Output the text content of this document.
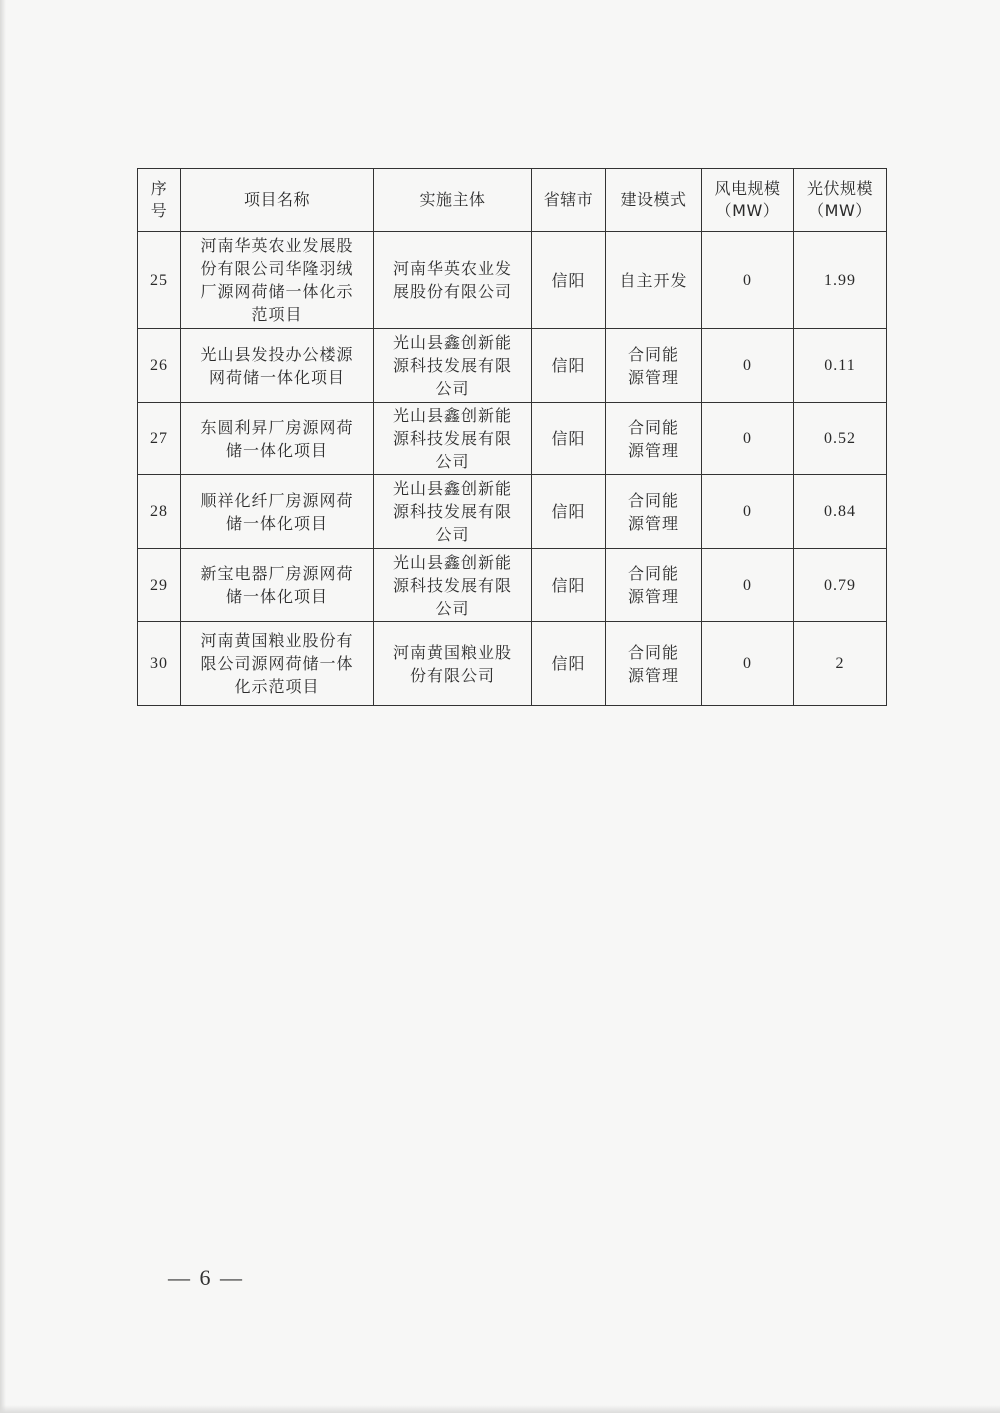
序号	项目名称	实施主体	省辖市	建设模式	风电规模（MW）	光伏规模（MW）
25	河南华英农业发展股份有限公司华隆羽绒厂源网荷储一体化示范项目	河南华英农业发展股份有限公司	信阳	自主开发	0	1.99
26	光山县发投办公楼源网荷储一体化项目	光山县鑫创新能源科技发展有限公司	信阳	合同能源管理	0	0.11
27	东圆利昇厂房源网荷储一体化项目	光山县鑫创新能源科技发展有限公司	信阳	合同能源管理	0	0.52
28	顺祥化纤厂房源网荷储一体化项目	光山县鑫创新能源科技发展有限公司	信阳	合同能源管理	0	0.84
29	新宝电器厂房源网荷储一体化项目	光山县鑫创新能源科技发展有限公司	信阳	合同能源管理	0	0.79
30	河南黄国粮业股份有限公司源网荷储一体化示范项目	河南黄国粮业股份有限公司	信阳	合同能源管理	0	2
— 6 —
